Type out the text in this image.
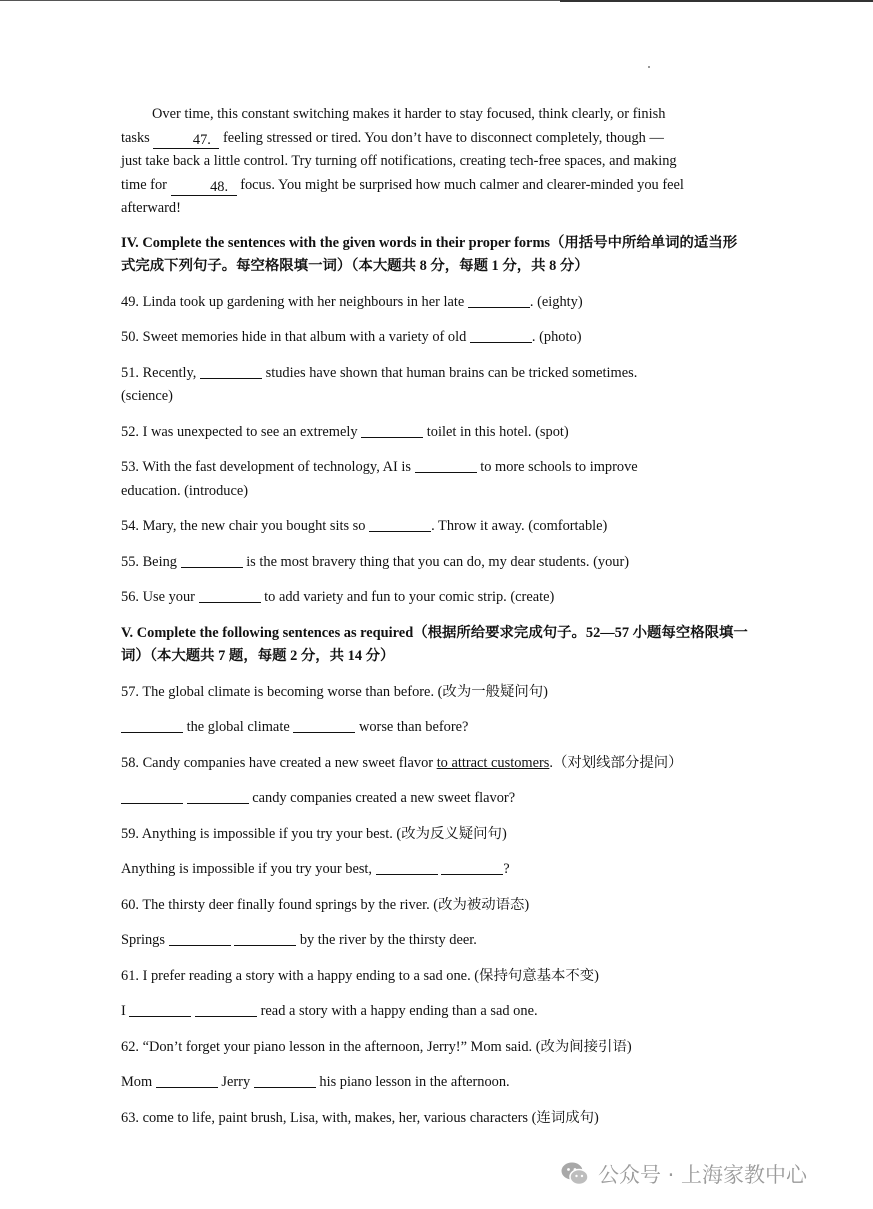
Over time, this constant switching makes it harder to stay focused, think clearly, or finish
tasks	47. feeling stressed or tired. You don’t have to disconnect completely, though —
just take back a little control. Try turning off notifications, creating tech-free spaces, and making
time for	48. focus. You might be surprised how much calmer and clearer-minded you feel
afterward!

IV. Complete the sentences with the given words in their proper forms（用括号中所给单词的适当形式完成下列句子。每空格限填一词）（本大题共 8 分，每题 1 分，共 8 分）

49. Linda took up gardening with her neighbours in her late	. (eighty)

50. Sweet memories hide in that album with a variety of old	. (photo)

51. Recently,	studies have shown that human brains can be tricked sometimes.
(science)

52. I was unexpected to see an extremely	toilet in this hotel. (spot)

53. With the fast development of technology, AI is	to more schools to improve
education. (introduce)

54. Mary, the new chair you bought sits so	. Throw it away. (comfortable)

55. Being	is the most bravery thing that you can do, my dear students. (your)

56. Use your	to add variety and fun to your comic strip. (create)

V. Complete the following sentences as required（根据所给要求完成句子。52—57 小题每空格限填一词）（本大题共 7 题，每题 2 分，共 14 分）

57. The global climate is becoming worse than before. (改为一般疑问句)

the global climate	worse than before?

58. Candy companies have created a new sweet flavor to attract customers.（对划线部分提问）

candy companies created a new sweet flavor?

59. Anything is impossible if you try your best. (改为反义疑问句)

Anything is impossible if you try your best,	?

60. The thirsty deer finally found springs by the river. (改为被动语态)

Springs	by the river by the thirsty deer.

61. I prefer reading a story with a happy ending to a sad one. (保持句意基本不变)

I	read a story with a happy ending than a sad one.

62. “Don’t forget your piano lesson in the afternoon, Jerry!” Mom said. (改为间接引语)

Mom	Jerry	his piano lesson in the afternoon.

63. come to life, paint brush, Lisa, with, makes, her, various characters (连词成句)

公众号 · 上海家教中心
